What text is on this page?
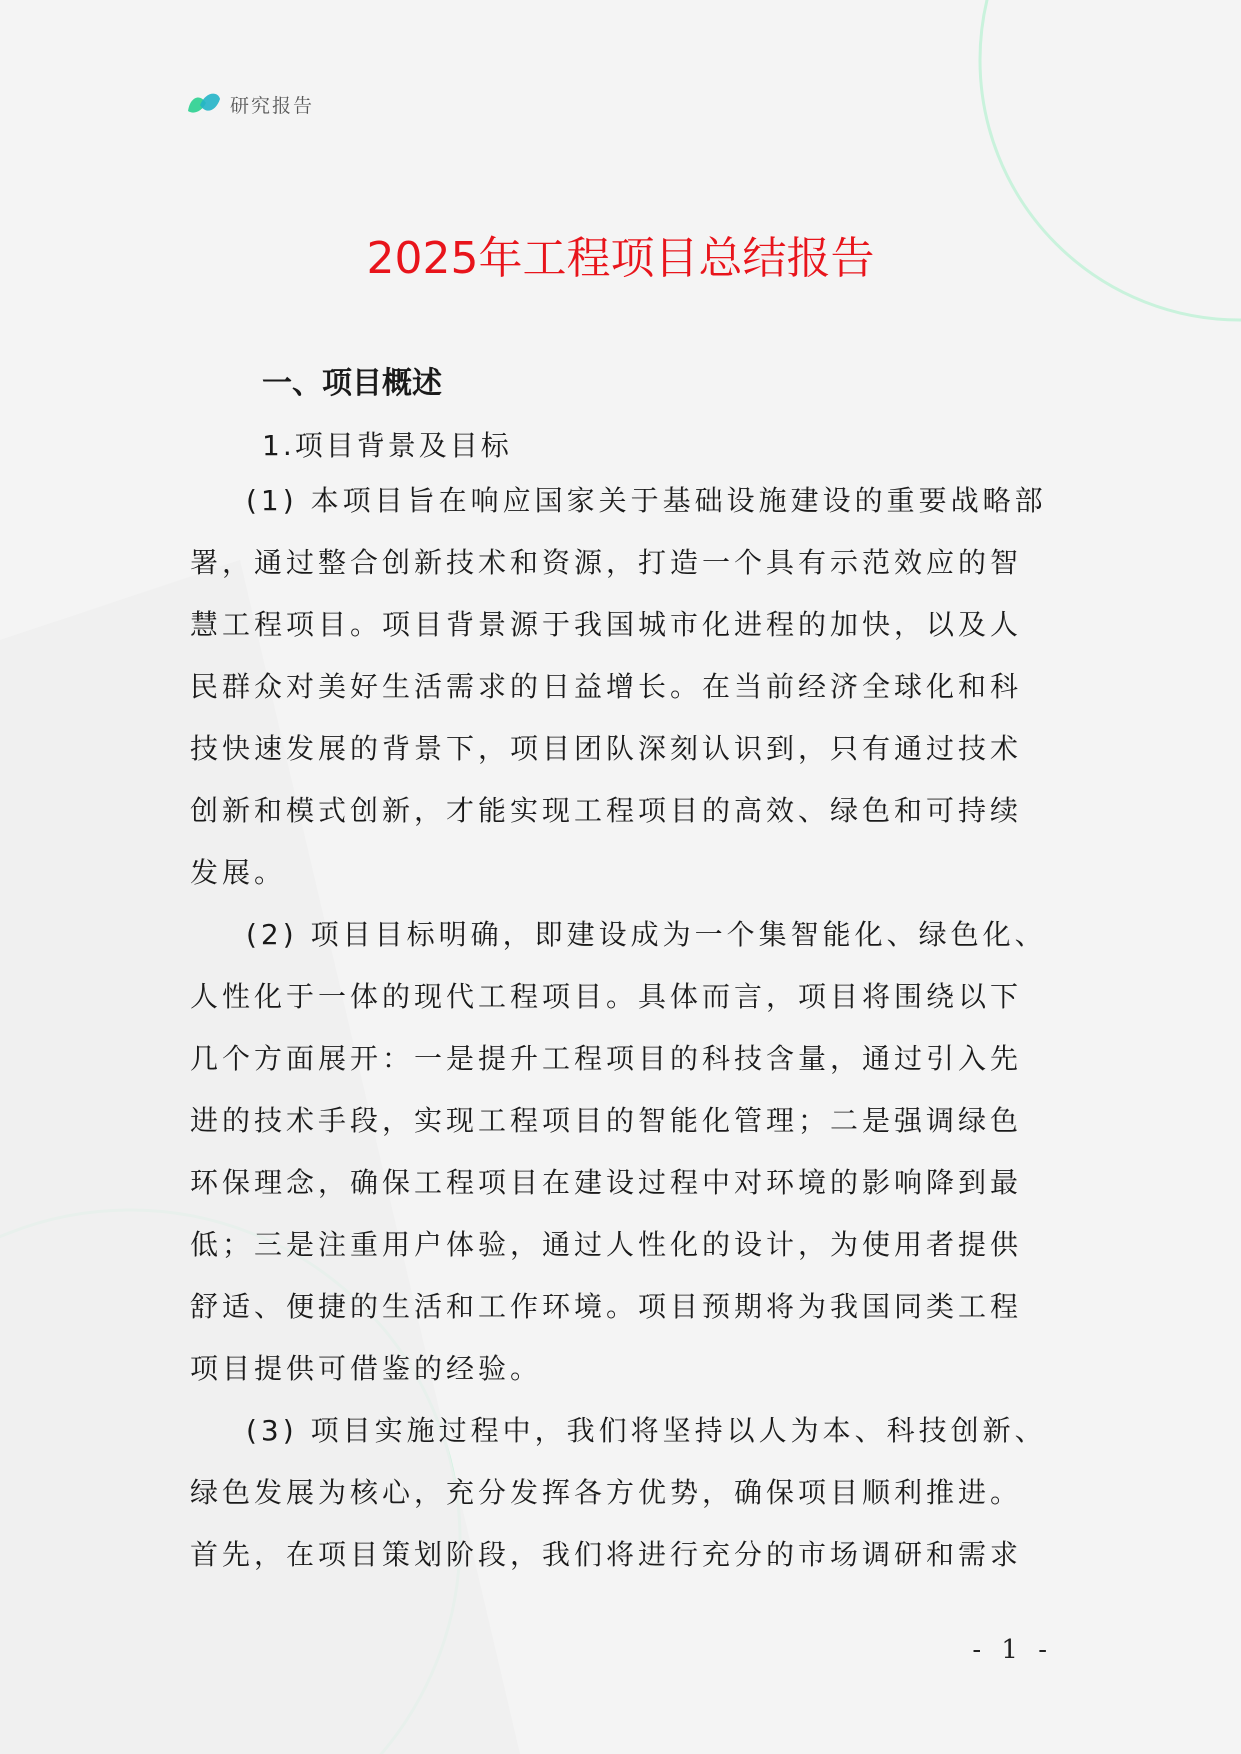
研究报告
2025年工程项目总结报告
一、项目概述
1.项目背景及目标

(1) 本项目旨在响应国家关于基础设施建设的重要战略部署，通过整合创新技术和资源，打造一个具有示范效应的智慧工程项目。项目背景源于我国城市化进程的加快，以及人民群众对美好生活需求的日益增长。在当前经济全球化和科技快速发展的背景下，项目团队深刻认识到，只有通过技术创新和模式创新，才能实现工程项目的高效、绿色和可持续发展。

(2) 项目目标明确，即建设成为一个集智能化、绿色化、人性化于一体的现代工程项目。具体而言，项目将围绕以下几个方面展开：一是提升工程项目的科技含量，通过引入先进的技术手段，实现工程项目的智能化管理；二是强调绿色环保理念，确保工程项目在建设过程中对环境的影响降到最低；三是注重用户体验，通过人性化的设计，为使用者提供舒适、便捷的生活和工作环境。项目预期将为我国同类工程项目提供可借鉴的经验。

(3) 项目实施过程中，我们将坚持以人为本、科技创新、绿色发展为核心，充分发挥各方优势，确保项目顺利推进。首先，在项目策划阶段，我们将进行充分的市场调研和需求

- 1 -
